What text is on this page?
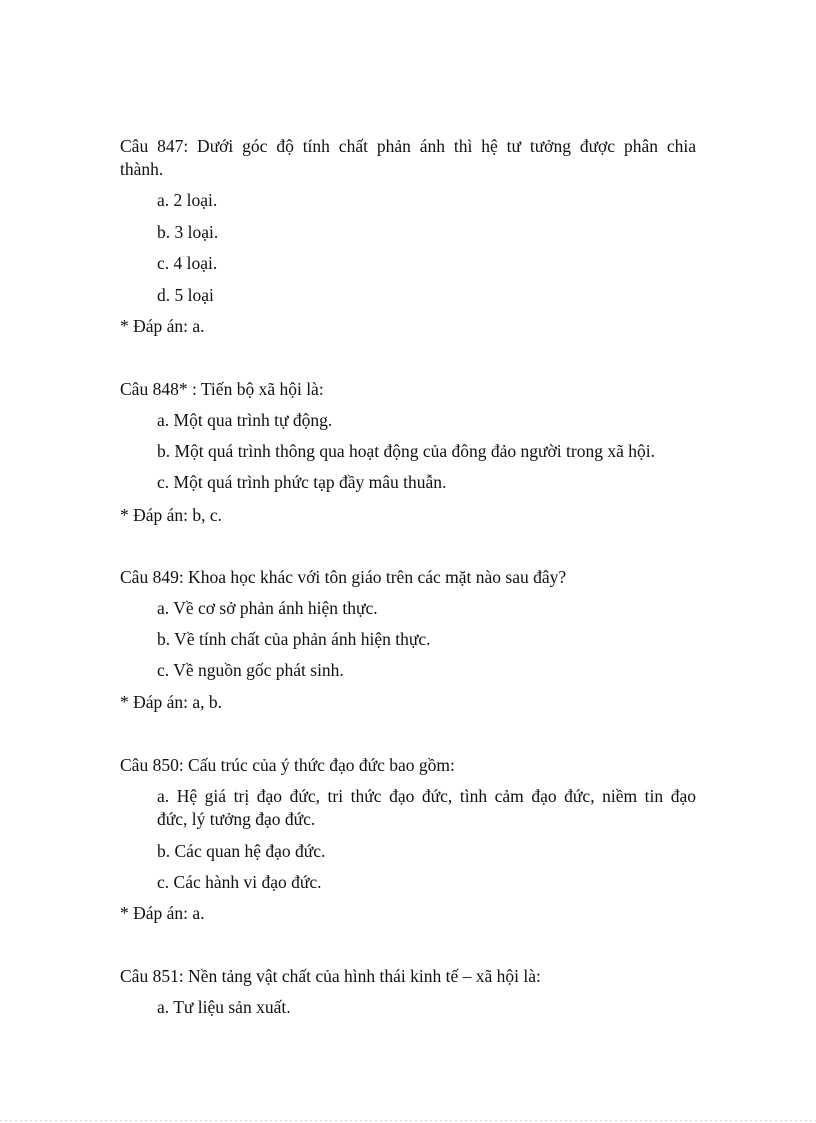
Câu 847: Dưới góc độ tính chất phản ánh thì hệ tư tưởng được phân chia
thành.
a. 2 loại.
b. 3 loại.
c. 4 loại.
d. 5 loại
* Đáp án: a.
Câu 848* : Tiến bộ xã hội là:
a. Một qua trình tự động.
b. Một quá trình thông qua hoạt động của đông đảo người trong xã hội.
c. Một quá trình phức tạp đầy mâu thuẫn.
* Đáp án: b, c.
Câu 849: Khoa học khác với tôn giáo trên các mặt nào sau đây?
a. Về cơ sở phản ánh hiện thực.
b. Về tính chất của phản ánh hiện thực.
c. Về nguồn gốc phát sinh.
* Đáp án: a, b.
Câu 850: Cấu trúc của ý thức đạo đức bao gồm:
a. Hệ giá trị đạo đức, tri thức đạo đức, tình cảm đạo đức, niềm tin đạo
đức, lý tưởng đạo đức.
b. Các quan hệ đạo đức.
c. Các hành vi đạo đức.
* Đáp án: a.
Câu 851: Nền tảng vật chất của hình thái kinh tế – xã hội là:
a. Tư liệu sản xuất.
